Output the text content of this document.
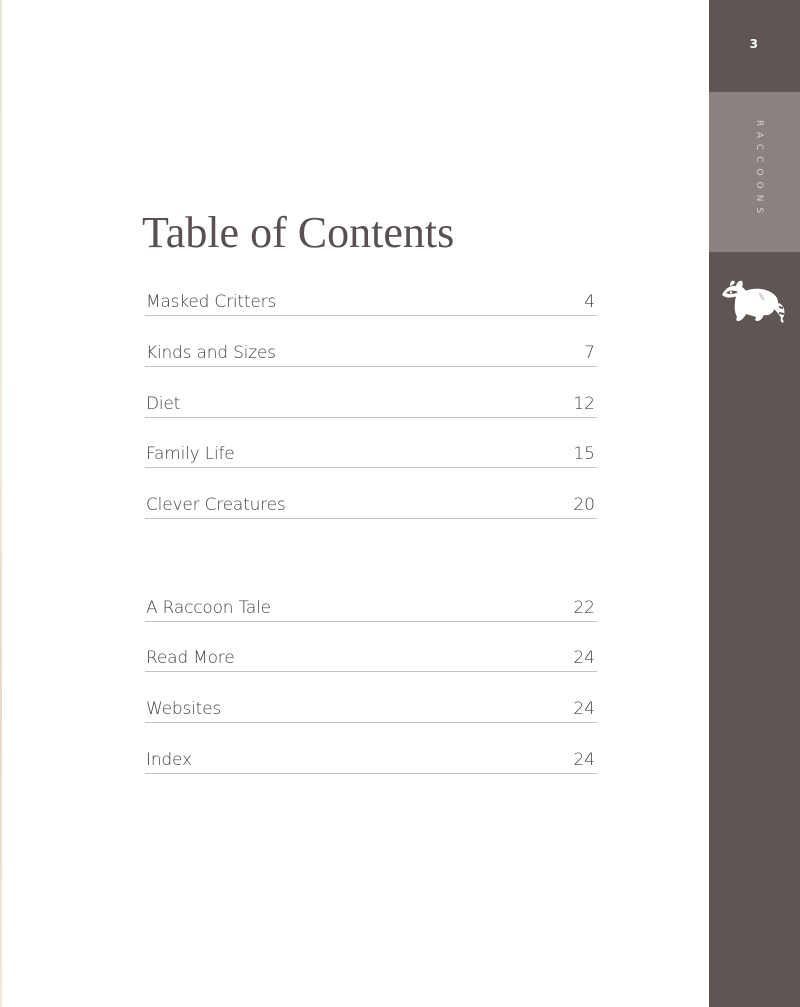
Table of Contents
Masked Critters	4
Kinds and Sizes	7
Diet	12
Family Life	15
Clever Creatures	20
A Raccoon Tale	22
Read More	24
Websites	24
Index	24
3
RACCOONS
